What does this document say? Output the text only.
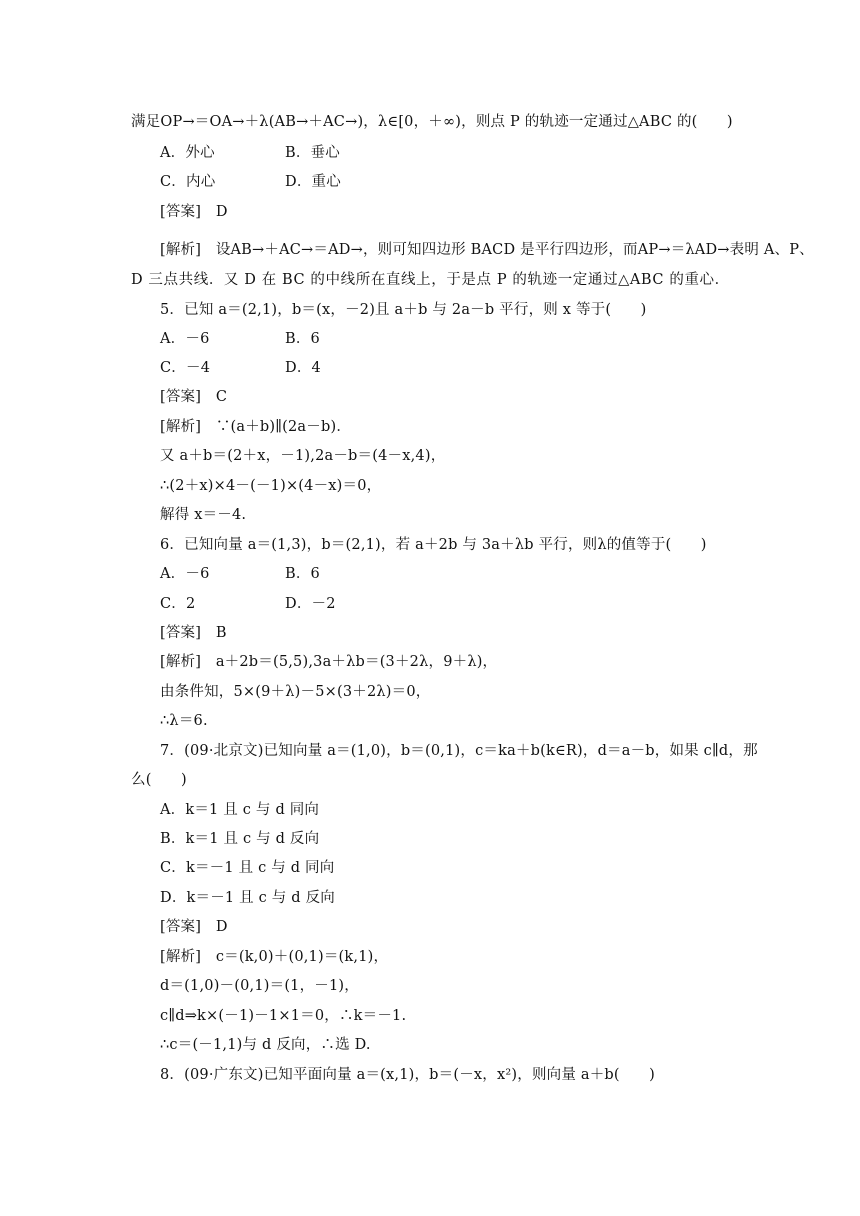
满足OP→＝OA→＋λ(AB→＋AC→)，λ∈[0，＋∞)，则点 P 的轨迹一定通过△ABC 的(　　)
A．外心	B．垂心
C．内心	D．重心
[答案]　D
[解析]　设AB→＋AC→＝AD→，则可知四边形 BACD 是平行四边形，而AP→＝λAD→表明 A、P、
D 三点共线．又 D 在 BC 的中线所在直线上，于是点 P 的轨迹一定通过△ABC 的重心．
5．已知 a＝(2,1)，b＝(x，－2)且 a＋b 与 2a－b 平行，则 x 等于(　　)
A．－6	B．6
C．－4	D．4
[答案]　C
[解析]　∵(a＋b)∥(2a－b)．
又 a＋b＝(2＋x，－1),2a－b＝(4－x,4)，
∴(2＋x)×4－(－1)×(4－x)＝0，
解得 x＝－4.
6．已知向量 a＝(1,3)，b＝(2,1)，若 a＋2b 与 3a＋λb 平行，则λ的值等于(　　)
A．－6	B．6
C．2	D．－2
[答案]　B
[解析]　a＋2b＝(5,5),3a＋λb＝(3＋2λ，9＋λ)，
由条件知，5×(9＋λ)－5×(3＋2λ)＝0，
∴λ＝6.
7．(09·北京文)已知向量 a＝(1,0)，b＝(0,1)，c＝ka＋b(k∈R)，d＝a－b，如果 c∥d，那
么(　　)
A．k＝1 且 c 与 d 同向
B．k＝1 且 c 与 d 反向
C．k＝－1 且 c 与 d 同向
D．k＝－1 且 c 与 d 反向
[答案]　D
[解析]　c＝(k,0)＋(0,1)＝(k,1)，
d＝(1,0)－(0,1)＝(1，－1)，
c∥d⇒k×(－1)－1×1＝0，∴k＝－1.
∴c＝(－1,1)与 d 反向，∴选 D.
8．(09·广东文)已知平面向量 a＝(x,1)，b＝(－x，x²)，则向量 a＋b(　　)
